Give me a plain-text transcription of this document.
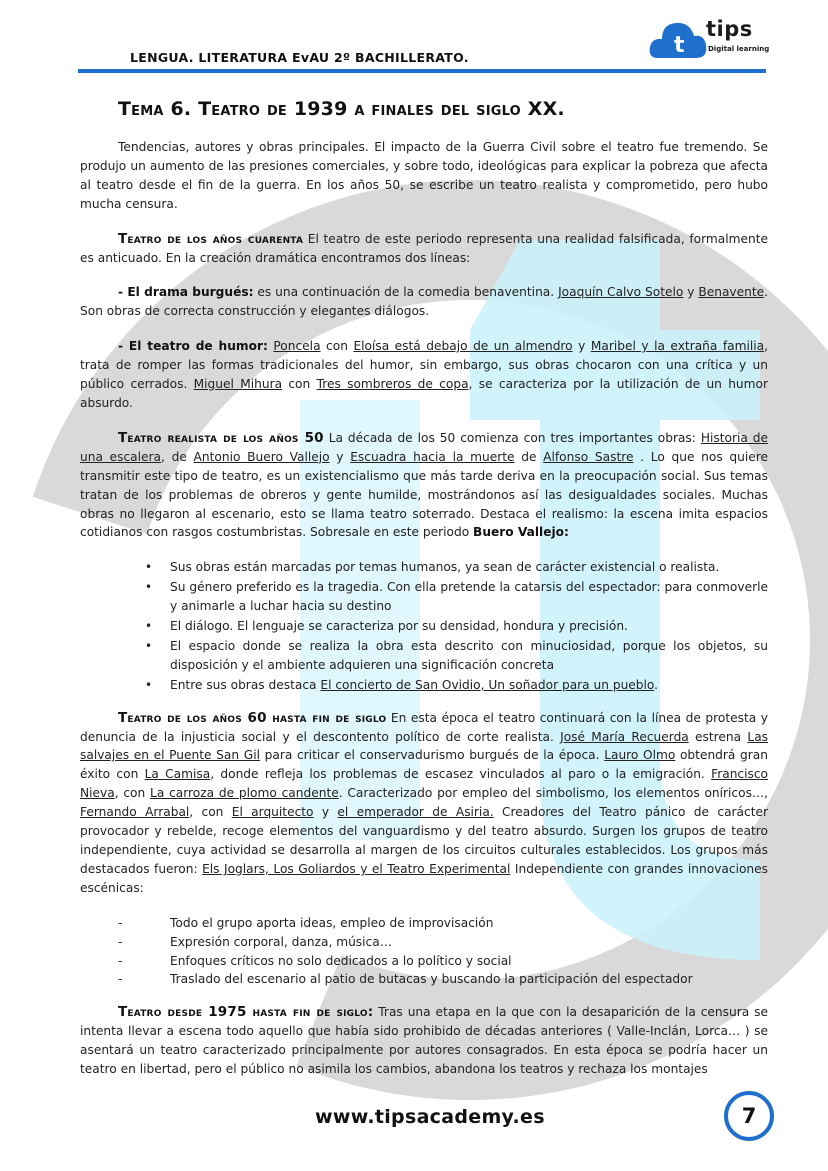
LENGUA. LITERATURA EvAU 2º BACHILLERATO.	t
tips
Digital learning
Tema 6. Teatro de 1939 a finales del siglo XX.

Tendencias, autores y obras principales. El impacto de la Guerra Civil sobre el teatro fue tremendo. Se produjo un aumento de las presiones comerciales, y sobre todo, ideológicas para explicar la pobreza que afecta al teatro desde el fin de la guerra. En los años 50, se escribe un teatro realista y comprometido, pero hubo mucha censura.

Teatro de los años cuarenta El teatro de este periodo representa una realidad falsificada, formalmente es anticuado. En la creación dramática encontramos dos líneas:

- El drama burgués: es una continuación de la comedia benaventina. Joaquín Calvo Sotelo y Benavente. Son obras de correcta construcción y elegantes diálogos.

- El teatro de humor: Poncela con Eloísa está debajo de un almendro y Maribel y la extraña familia, trata de romper las formas tradicionales del humor, sin embargo, sus obras chocaron con una crítica y un público cerrados. Miguel Mihura con Tres sombreros de copa, se caracteriza por la utilización de un humor absurdo.

Teatro realista de los años 50 La década de los 50 comienza con tres importantes obras: Historia de una escalera, de Antonio Buero Vallejo y Escuadra hacia la muerte de Alfonso Sastre . Lo que nos quiere transmitir este tipo de teatro, es un existencialismo que más tarde deriva en la preocupación social. Sus temas tratan de los problemas de obreros y gente humilde, mostrándonos así las desigualdades sociales. Muchas obras no llegaron al escenario, esto se llama teatro soterrado. Destaca el realismo: la escena imita espacios cotidianos con rasgos costumbristas. Sobresale en este periodo Buero Vallejo:

• Sus obras están marcadas por temas humanos, ya sean de carácter existencial o realista.
• Su género preferido es la tragedia. Con ella pretende la catarsis del espectador: para conmoverle y animarle a luchar hacia su destino
• El diálogo. El lenguaje se caracteriza por su densidad, hondura y precisión.
• El espacio donde se realiza la obra esta descrito con minuciosidad, porque los objetos, su disposición y el ambiente adquieren una significación concreta
• Entre sus obras destaca El concierto de San Ovidio, Un soñador para un pueblo.

Teatro de los años 60 hasta fin de siglo En esta época el teatro continuará con la línea de protesta y denuncia de la injusticia social y el descontento político de corte realista. José María Recuerda estrena Las salvajes en el Puente San Gil para criticar el conservadurismo burgués de la época. Lauro Olmo obtendrá gran éxito con La Camisa, donde refleja los problemas de escasez vinculados al paro o la emigración. Francisco Nieva, con La carroza de plomo candente. Caracterizado por empleo del simbolismo, los elementos oníricos…, Fernando Arrabal, con El arquitecto y el emperador de Asiria. Creadores del Teatro pánico de carácter provocador y rebelde, recoge elementos del vanguardismo y del teatro absurdo. Surgen los grupos de teatro independiente, cuya actividad se desarrolla al margen de los circuitos culturales establecidos. Los grupos más destacados fueron: Els Joglars, Los Goliardos y el Teatro Experimental Independiente con grandes innovaciones escénicas:

- Todo el grupo aporta ideas, empleo de improvisación
- Expresión corporal, danza, música…
- Enfoques críticos no solo dedicados a lo político y social
- Traslado del escenario al patio de butacas y buscando la participación del espectador

Teatro desde 1975 hasta fin de siglo: Tras una etapa en la que con la desaparición de la censura se intenta llevar a escena todo aquello que había sido prohibido de décadas anteriores ( Valle-Inclán, Lorca… ) se asentará un teatro caracterizado principalmente por autores consagrados. En esta época se podría hacer un teatro en libertad, pero el público no asimila los cambios, abandona los teatros y rechaza los montajes

www.tipsacademy.es	7
